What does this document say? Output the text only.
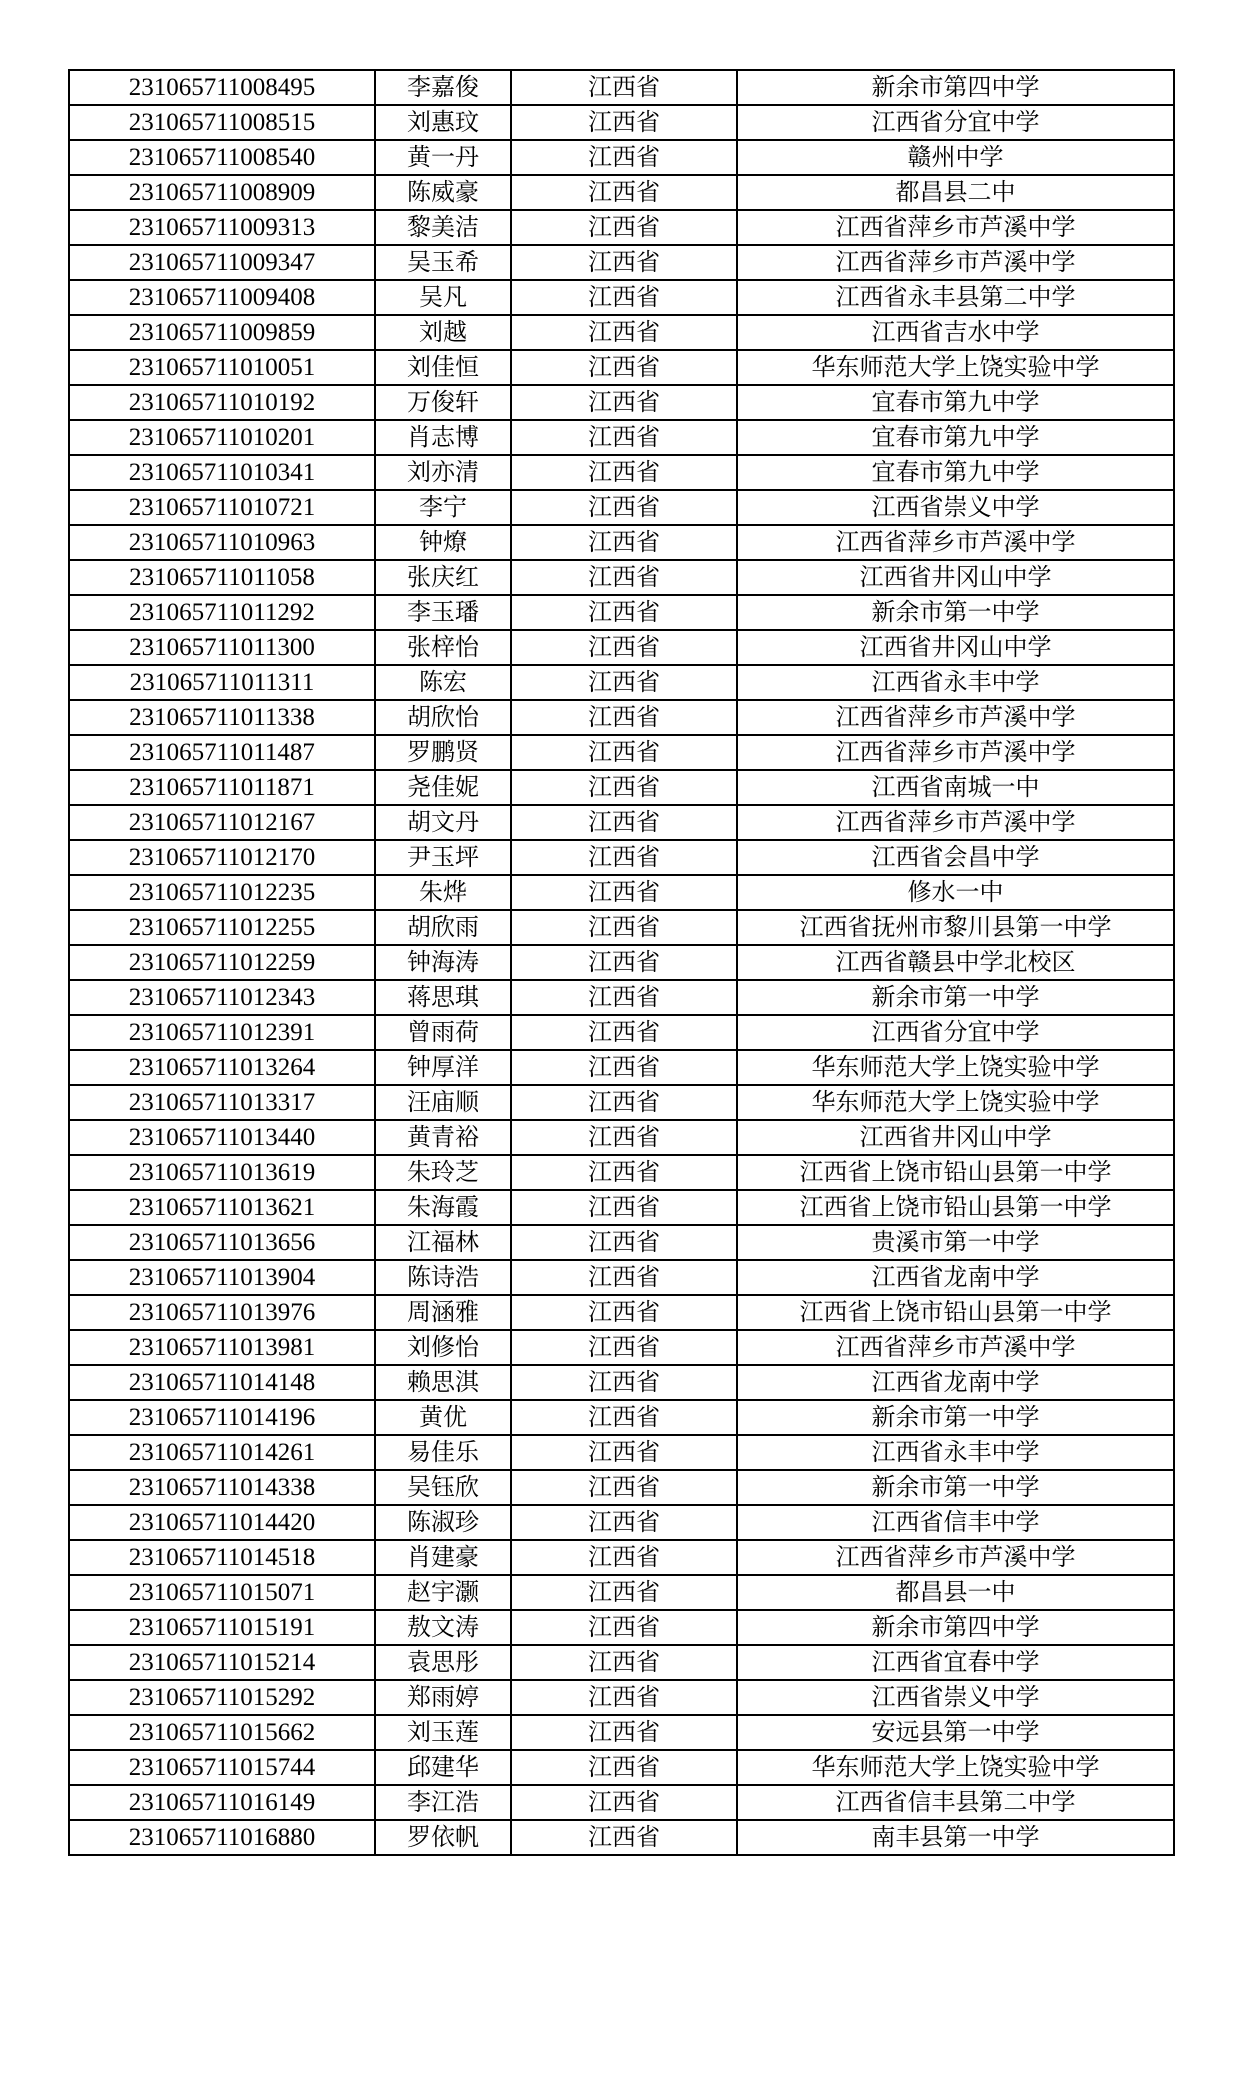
231065711008495	李嘉俊	江西省	新余市第四中学
231065711008515	刘惠玟	江西省	江西省分宜中学
231065711008540	黄一丹	江西省	赣州中学
231065711008909	陈威豪	江西省	都昌县二中
231065711009313	黎美洁	江西省	江西省萍乡市芦溪中学
231065711009347	吴玉希	江西省	江西省萍乡市芦溪中学
231065711009408	吴凡	江西省	江西省永丰县第二中学
231065711009859	刘越	江西省	江西省吉水中学
231065711010051	刘佳恒	江西省	华东师范大学上饶实验中学
231065711010192	万俊轩	江西省	宜春市第九中学
231065711010201	肖志博	江西省	宜春市第九中学
231065711010341	刘亦清	江西省	宜春市第九中学
231065711010721	李宁	江西省	江西省崇义中学
231065711010963	钟燎	江西省	江西省萍乡市芦溪中学
231065711011058	张庆红	江西省	江西省井冈山中学
231065711011292	李玉璠	江西省	新余市第一中学
231065711011300	张梓怡	江西省	江西省井冈山中学
231065711011311	陈宏	江西省	江西省永丰中学
231065711011338	胡欣怡	江西省	江西省萍乡市芦溪中学
231065711011487	罗鹏贤	江西省	江西省萍乡市芦溪中学
231065711011871	尧佳妮	江西省	江西省南城一中
231065711012167	胡文丹	江西省	江西省萍乡市芦溪中学
231065711012170	尹玉坪	江西省	江西省会昌中学
231065711012235	朱烨	江西省	修水一中
231065711012255	胡欣雨	江西省	江西省抚州市黎川县第一中学
231065711012259	钟海涛	江西省	江西省赣县中学北校区
231065711012343	蒋思琪	江西省	新余市第一中学
231065711012391	曾雨荷	江西省	江西省分宜中学
231065711013264	钟厚洋	江西省	华东师范大学上饶实验中学
231065711013317	汪庙顺	江西省	华东师范大学上饶实验中学
231065711013440	黄青裕	江西省	江西省井冈山中学
231065711013619	朱玲芝	江西省	江西省上饶市铅山县第一中学
231065711013621	朱海霞	江西省	江西省上饶市铅山县第一中学
231065711013656	江福林	江西省	贵溪市第一中学
231065711013904	陈诗浩	江西省	江西省龙南中学
231065711013976	周涵雅	江西省	江西省上饶市铅山县第一中学
231065711013981	刘修怡	江西省	江西省萍乡市芦溪中学
231065711014148	赖思淇	江西省	江西省龙南中学
231065711014196	黄优	江西省	新余市第一中学
231065711014261	易佳乐	江西省	江西省永丰中学
231065711014338	吴钰欣	江西省	新余市第一中学
231065711014420	陈淑珍	江西省	江西省信丰中学
231065711014518	肖建豪	江西省	江西省萍乡市芦溪中学
231065711015071	赵宇灏	江西省	都昌县一中
231065711015191	敖文涛	江西省	新余市第四中学
231065711015214	袁思彤	江西省	江西省宜春中学
231065711015292	郑雨婷	江西省	江西省崇义中学
231065711015662	刘玉莲	江西省	安远县第一中学
231065711015744	邱建华	江西省	华东师范大学上饶实验中学
231065711016149	李江浩	江西省	江西省信丰县第二中学
231065711016880	罗依帆	江西省	南丰县第一中学
